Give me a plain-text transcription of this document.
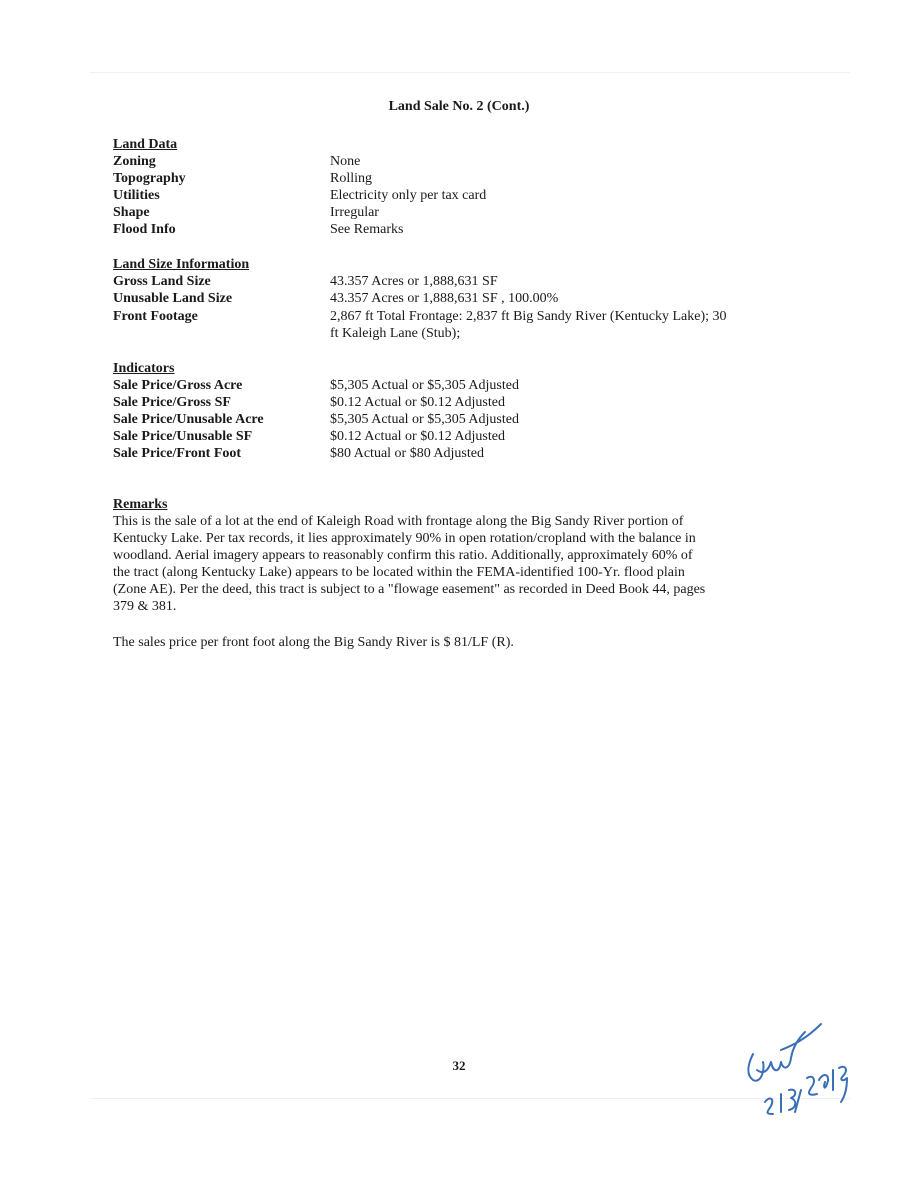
Land Sale No. 2 (Cont.)
Land Data
Zoning	None
Topography	Rolling
Utilities	Electricity only per tax card
Shape	Irregular
Flood Info	See Remarks
Land Size Information
Gross Land Size	43.357 Acres or 1,888,631 SF
Unusable Land Size	43.357 Acres or 1,888,631 SF , 100.00%
Front Footage	2,867 ft Total Frontage: 2,837 ft Big Sandy River (Kentucky Lake); 30
ft Kaleigh Lane (Stub);
Indicators
Sale Price/Gross Acre	$5,305 Actual or $5,305 Adjusted
Sale Price/Gross SF	$0.12 Actual or $0.12 Adjusted
Sale Price/Unusable Acre	$5,305 Actual or $5,305 Adjusted
Sale Price/Unusable SF	$0.12 Actual or $0.12 Adjusted
Sale Price/Front Foot	$80 Actual or $80 Adjusted
Remarks
This is the sale of a lot at the end of Kaleigh Road with frontage along the Big Sandy River portion of
Kentucky Lake. Per tax records, it lies approximately 90% in open rotation/cropland with the balance in
woodland. Aerial imagery appears to reasonably confirm this ratio. Additionally, approximately 60% of
the tract (along Kentucky Lake) appears to be located within the FEMA-identified 100-Yr. flood plain
(Zone AE). Per the deed, this tract is subject to a "flowage easement" as recorded in Deed Book 44, pages
379 & 381.
The sales price per front foot along the Big Sandy River is $ 81/LF (R).
32
